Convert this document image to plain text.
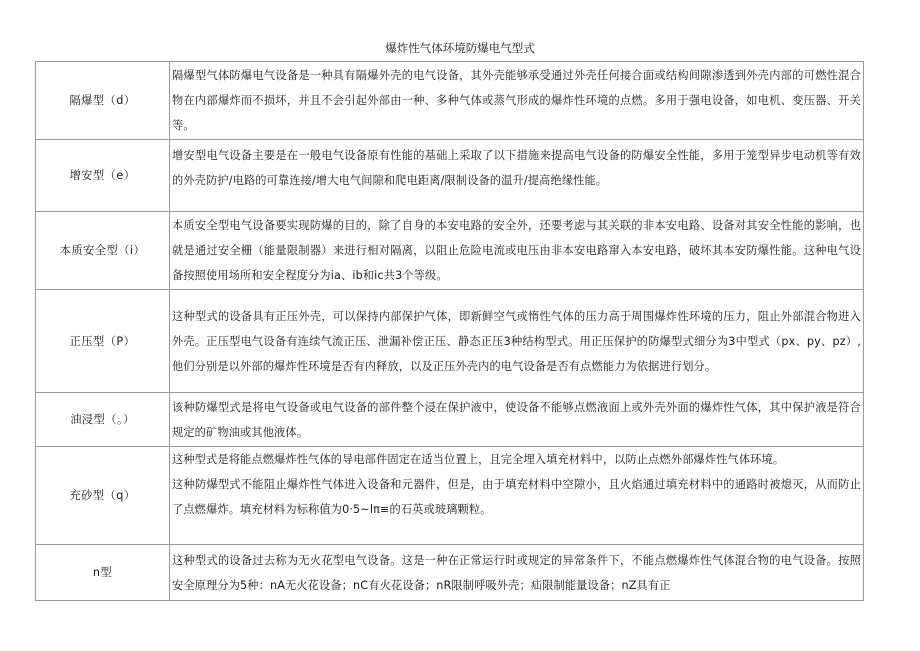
爆炸性气体环境防爆电气型式
隔爆型（d）	隔爆型气体防爆电气设备是一种具有隔爆外壳的电气设备，其外壳能够承受通过外壳任何接合面或结构间隙渗透到外壳内部的可燃性混合物在内部爆炸而不损坏，并且不会引起外部由一种、多种气体或蒸气形成的爆炸性环境的点燃。多用于强电设备，如电机、变压器、开关等。

增安型（e）	增安型电气设备主要是在一般电气设备原有性能的基础上采取了以下措施来提高电气设备的防爆安全性能，多用于笼型异步电动机等有效的外壳防护/电路的可靠连接/增大电气间隙和爬电距离/限制设备的温升/提高绝缘性能。

本质安全型（i）	本质安全型电气设备要实现防爆的目的，除了自身的本安电路的安全外，还要考虑与其关联的非本安电路、设备对其安全性能的影响，也就是通过安全栅（能量限制器）来进行相对隔离，以阻止危险电流或电压由非本安电路窜入本安电路，破坏其本安防爆性能。这种电气设备按照使用场所和安全程度分为ia、ib和ic共3个等级。

正压型（P）	这种型式的设备具有正压外壳，可以保持内部保护气体，即新鲜空气或惰性气体的压力高于周围爆炸性环境的压力，阻止外部混合物进入外壳。正压型电气设备有连续气流正压、泄漏补偿正压、静态正压3种结构型式。用正压保护的防爆型式细分为3中型式（px、py、pz）,他们分别是以外部的爆炸性环境是否有内释放，以及正压外壳内的电气设备是否有点燃能力为依据进行划分。

油浸型（。）	该种防爆型式是将电气设备或电气设备的部件整个浸在保护液中，使设备不能够点燃液面上或外壳外面的爆炸性气体，其中保护液是符合规定的矿物油或其他液体。

充砂型（q）	这种型式是将能点燃爆炸性气体的导电部件固定在适当位置上，且完全埋入填充材料中，以防止点燃外部爆炸性气体环境。
这种防爆型式不能阻止爆炸性气体进入设备和元器件，但是，由于填充材料中空隙小，且火焰通过填充材料中的通路时被熄灭，从而防止了点燃爆炸。填充材料为标称值为0·5~lπ≡的石英或玻璃颗粒。

n型	这种型式的设备过去称为无火花型电气设备。这是一种在正常运行时或规定的异常条件下，不能点燃爆炸性气体混合物的电气设备。按照安全原理分为5种：nA无火花设备；nC有火花设备；nR限制呼吸外壳；疝限制能量设备；nZ具有正
